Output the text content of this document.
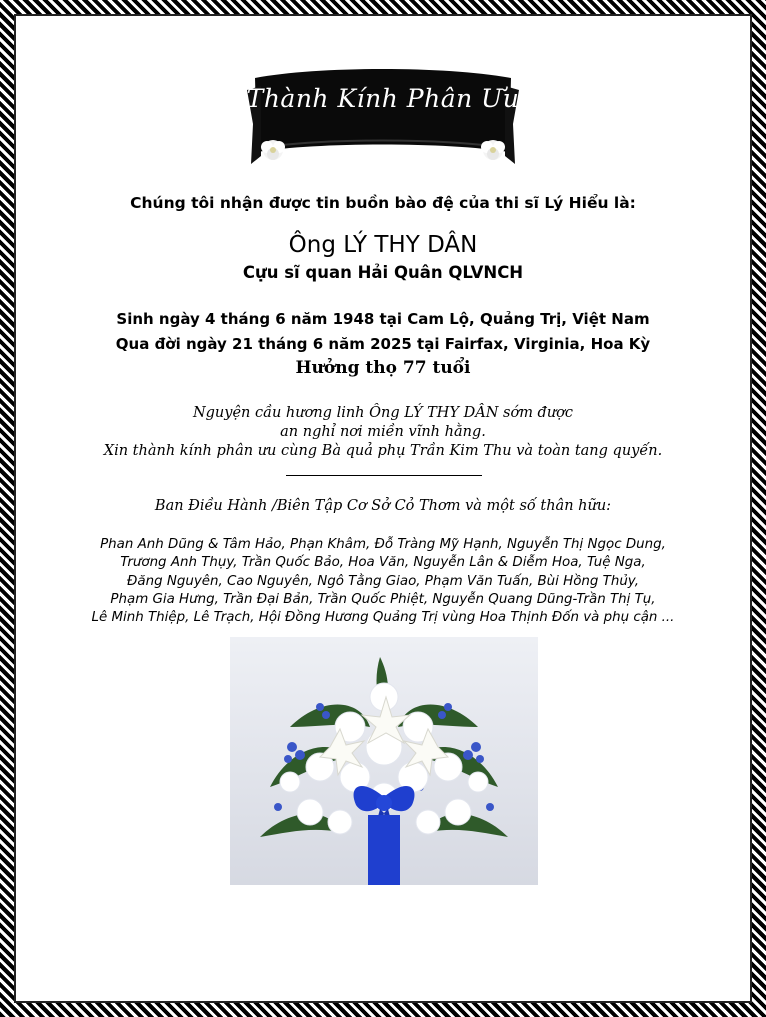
Thành Kính Phân Ưu
Chúng tôi nhận được tin buồn bào đệ của thi sĩ Lý Hiểu là:
Ông LÝ THY DÂN
Cựu sĩ quan Hải Quân QLVNCH
Sinh ngày 4 tháng 6 năm 1948 tại Cam Lộ, Quảng Trị, Việt Nam
Qua đời ngày 21 tháng 6 năm 2025 tại Fairfax, Virginia, Hoa Kỳ
Hưởng thọ 77 tuổi
Nguyện cầu hương linh Ông LÝ THY DÂN sớm được
an nghỉ nơi miền vĩnh hằng.
Xin thành kính phân ưu cùng Bà quả phụ Trần Kim Thu và toàn tang quyến.
Ban Điều Hành /Biên Tập Cơ Sở Cỏ Thơm và một số thân hữu:
Phan Anh Dũng & Tâm Hảo, Phạn Khâm, Đỗ Tràng Mỹ Hạnh, Nguyễn Thị Ngọc Dung,
Trương Anh Thụy, Trần Quốc Bảo, Hoa Văn, Nguyễn Lân & Diễm Hoa, Tuệ Nga,
Đăng Nguyên, Cao Nguyên, Ngô Tằng Giao, Phạm Văn Tuấn, Bùi Hồng Thủy,
Phạm Gia Hưng, Trần Đại Bản, Trần Quốc Phiệt, Nguyễn Quang Dũng-Trần Thị Tụ,
Lê Minh Thiệp, Lê Trạch, Hội Đồng Hương Quảng Trị vùng Hoa Thịnh Đốn và phụ cận ...
